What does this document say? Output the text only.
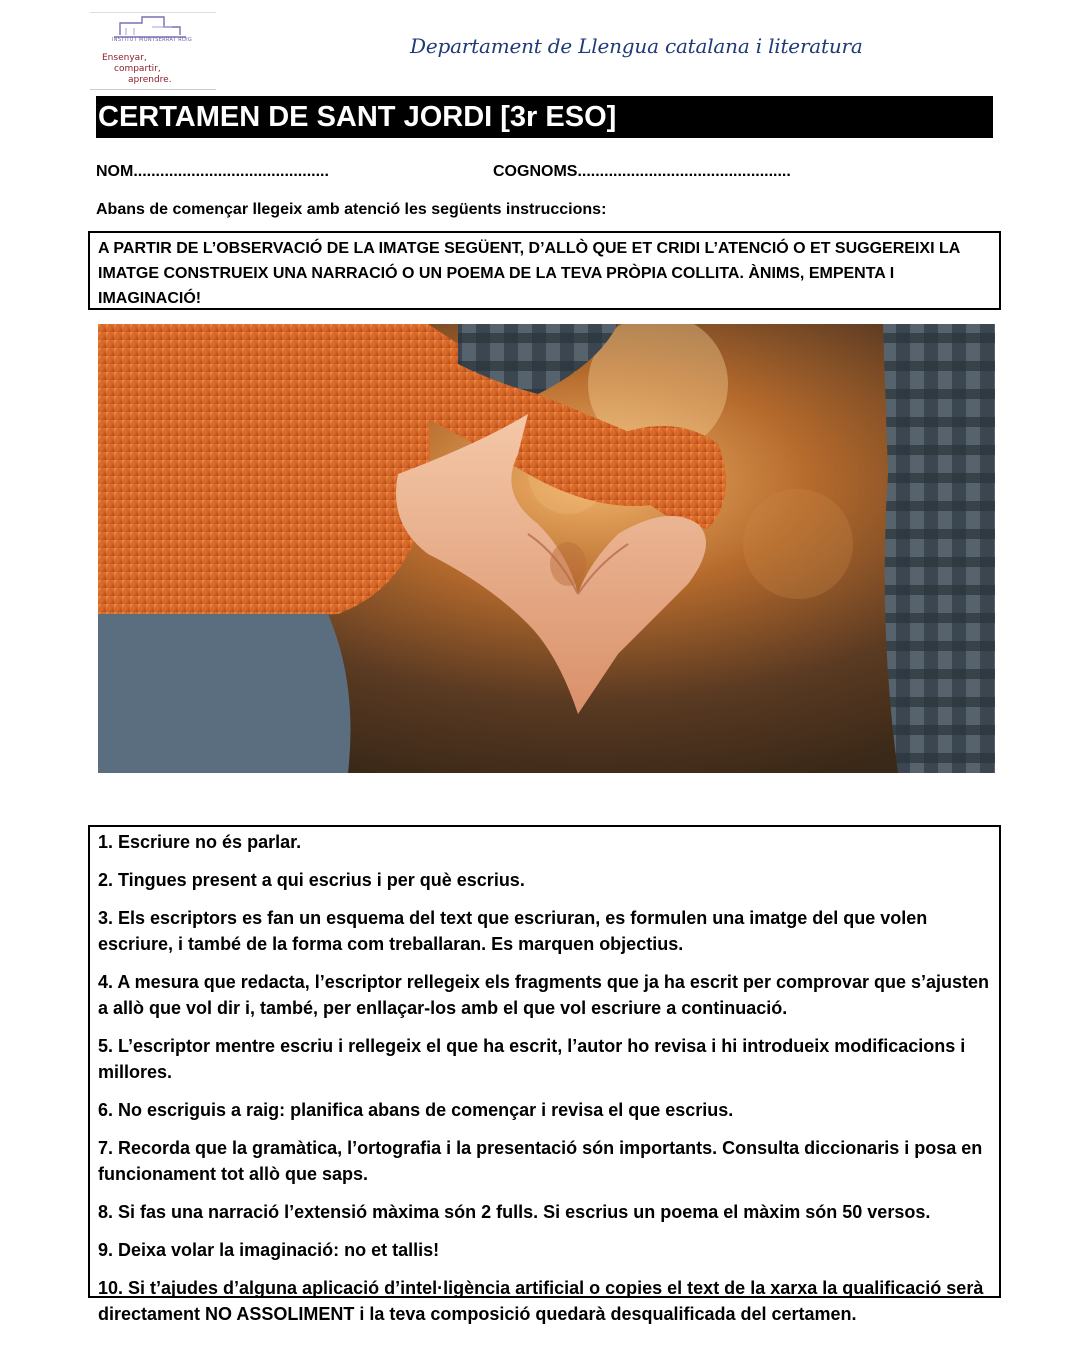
INSTITUT MONTSERRAT ROIG
Ensenyar,
compartir,
aprendre.
Departament de Llengua catalana i literatura
CERTAMEN DE SANT JORDI [3r ESO]
NOM............................................	COGNOMS................................................
Abans de començar llegeix amb atenció les següents instruccions:

A PARTIR DE L’OBSERVACIÓ DE LA IMATGE SEGÜENT, D’ALLÒ QUE ET CRIDI L’ATENCIÓ O ET SUGGEREIXI LA

IMATGE CONSTRUEIX UNA NARRACIÓ O UN POEMA DE LA TEVA PRÒPIA COLLITA. ÀNIMS, EMPENTA I

IMAGINACIÓ!

1. Escriure no és parlar.
2. Tingues present a qui escrius i per què escrius.
3. Els escriptors es fan un esquema del text que escriuran, es formulen una imatge del que volen escriure, i també de la forma com treballaran. Es marquen objectius.
4. A mesura que redacta, l’escriptor rellegeix els fragments que ja ha escrit per comprovar que s’ajusten a allò que vol dir i, també, per enllaçar-los amb el que vol escriure a continuació.
5. L’escriptor mentre escriu i rellegeix el que ha escrit, l’autor ho revisa i hi introdueix modificacions i millores.
6. No escriguis a raig: planifica abans de començar i revisa el que escrius.
7. Recorda que la gramàtica, l’ortografia i la presentació són importants. Consulta diccionaris i posa en funcionament tot allò que saps.
8. Si fas una narració l’extensió màxima són 2 fulls. Si escrius un poema el màxim són 50 versos.
9. Deixa volar la imaginació: no et tallis!
10. Si t’ajudes d’alguna aplicació d’intel·ligència artificial o copies el text de la xarxa la qualificació serà directament NO ASSOLIMENT i la teva composició quedarà desqualificada del certamen.
